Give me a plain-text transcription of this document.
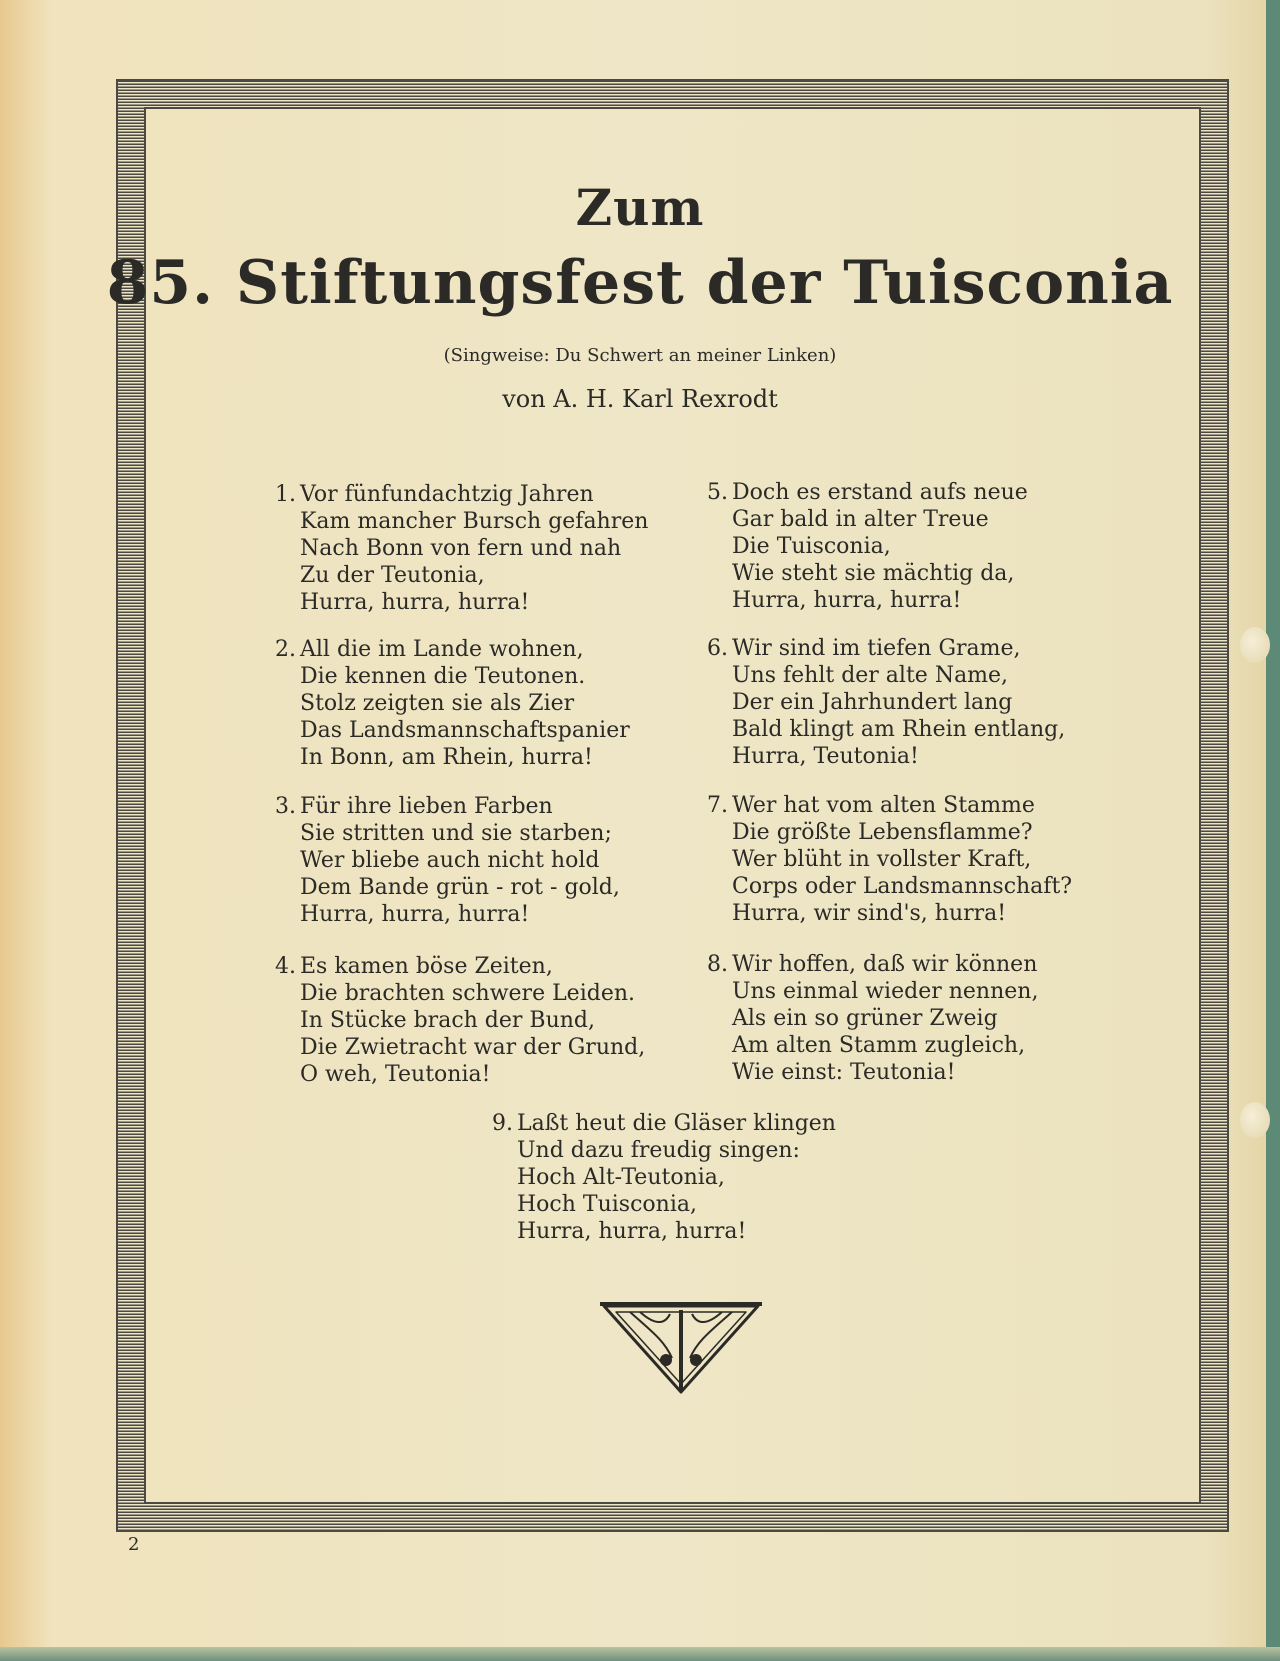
Zum
85. Stiftungsfest der Tuisconia
(Singweise: Du Schwert an meiner Linken)
von A. H. Karl Rexrodt
1. Vor fünfundachtzig Jahren
Kam mancher Bursch gefahren
Nach Bonn von fern und nah
Zu der Teutonia,
Hurra, hurra, hurra!
2. All die im Lande wohnen,
Die kennen die Teutonen.
Stolz zeigten sie als Zier
Das Landsmannschaftspanier
In Bonn, am Rhein, hurra!
3. Für ihre lieben Farben
Sie stritten und sie starben;
Wer bliebe auch nicht hold
Dem Bande grün - rot - gold,
Hurra, hurra, hurra!
4. Es kamen böse Zeiten,
Die brachten schwere Leiden.
In Stücke brach der Bund,
Die Zwietracht war der Grund,
O weh, Teutonia!
5. Doch es erstand aufs neue
Gar bald in alter Treue
Die Tuisconia,
Wie steht sie mächtig da,
Hurra, hurra, hurra!
6. Wir sind im tiefen Grame,
Uns fehlt der alte Name,
Der ein Jahrhundert lang
Bald klingt am Rhein entlang,
Hurra, Teutonia!
7. Wer hat vom alten Stamme
Die größte Lebensflamme?
Wer blüht in vollster Kraft,
Corps oder Landsmannschaft?
Hurra, wir sind's, hurra!
8. Wir hoffen, daß wir können
Uns einmal wieder nennen,
Als ein so grüner Zweig
Am alten Stamm zugleich,
Wie einst: Teutonia!
9. Laßt heut die Gläser klingen
Und dazu freudig singen:
Hoch Alt-Teutonia,
Hoch Tuisconia,
Hurra, hurra, hurra!
2
